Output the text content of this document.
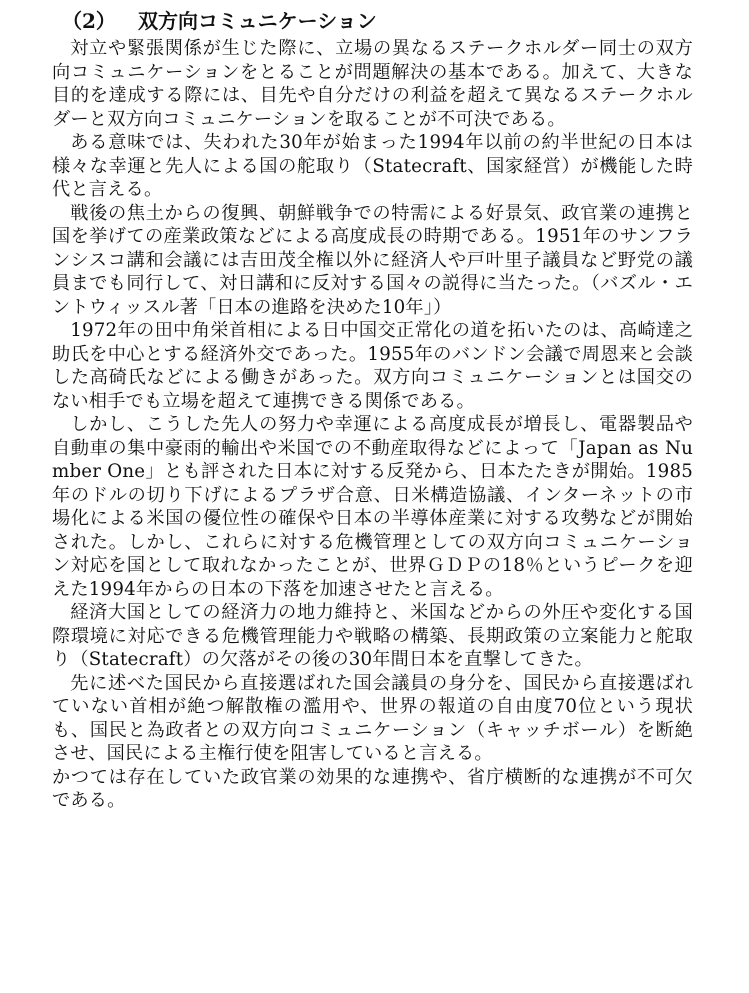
（2） 双方向コミュニケーション

対立や緊張関係が生じた際に、立場の異なるステークホルダー同士の双方向コミュニケーションをとることが問題解決の基本である。加えて、大きな目的を達成する際には、目先や自分だけの利益を超えて異なるステークホルダーと双方向コミュニケーションを取ることが不可決である。

ある意味では、失われた30年が始まった1994年以前の約半世紀の日本は様々な幸運と先人による国の舵取り（Statecraft、国家経営）が機能した時代と言える。

戦後の焦土からの復興、朝鮮戦争での特需による好景気、政官業の連携と国を挙げての産業政策などによる高度成長の時期である。1951年のサンフランシスコ講和会議には吉田茂全権以外に経済人や戸叶里子議員など野党の議員までも同行して、対日講和に反対する国々の説得に当たった。（バズル・エントウィッスル著「日本の進路を決めた10年」）

1972年の田中角栄首相による日中国交正常化の道を拓いたのは、高崎達之助氏を中心とする経済外交であった。1955年のバンドン会議で周恩来と会談した高碕氏などによる働きがあった。双方向コミュニケーションとは国交のない相手でも立場を超えて連携できる関係である。

しかし、こうした先人の努力や幸運による高度成長が増長し、電器製品や自動車の集中豪雨的輸出や米国での不動産取得などによって「Japan as Number One」とも評された日本に対する反発から、日本たたきが開始。1985年のドルの切り下げによるプラザ合意、日米構造協議、インターネットの市場化による米国の優位性の確保や日本の半導体産業に対する攻勢などが開始された。しかし、これらに対する危機管理としての双方向コミュニケーション対応を国として取れなかったことが、世界ＧＤＰの18％というピークを迎えた1994年からの日本の下落を加速させたと言える。

経済大国としての経済力の地力維持と、米国などからの外圧や変化する国際環境に対応できる危機管理能力や戦略の構築、長期政策の立案能力と舵取り（Statecraft）の欠落がその後の30年間日本を直撃してきた。

先に述べた国民から直接選ばれた国会議員の身分を、国民から直接選ばれていない首相が絶つ解散権の濫用や、世界の報道の自由度70位という現状も、国民と為政者との双方向コミュニケーション（キャッチボール）を断絶させ、国民による主権行使を阻害していると言える。

かつては存在していた政官業の効果的な連携や、省庁横断的な連携が不可欠である。
